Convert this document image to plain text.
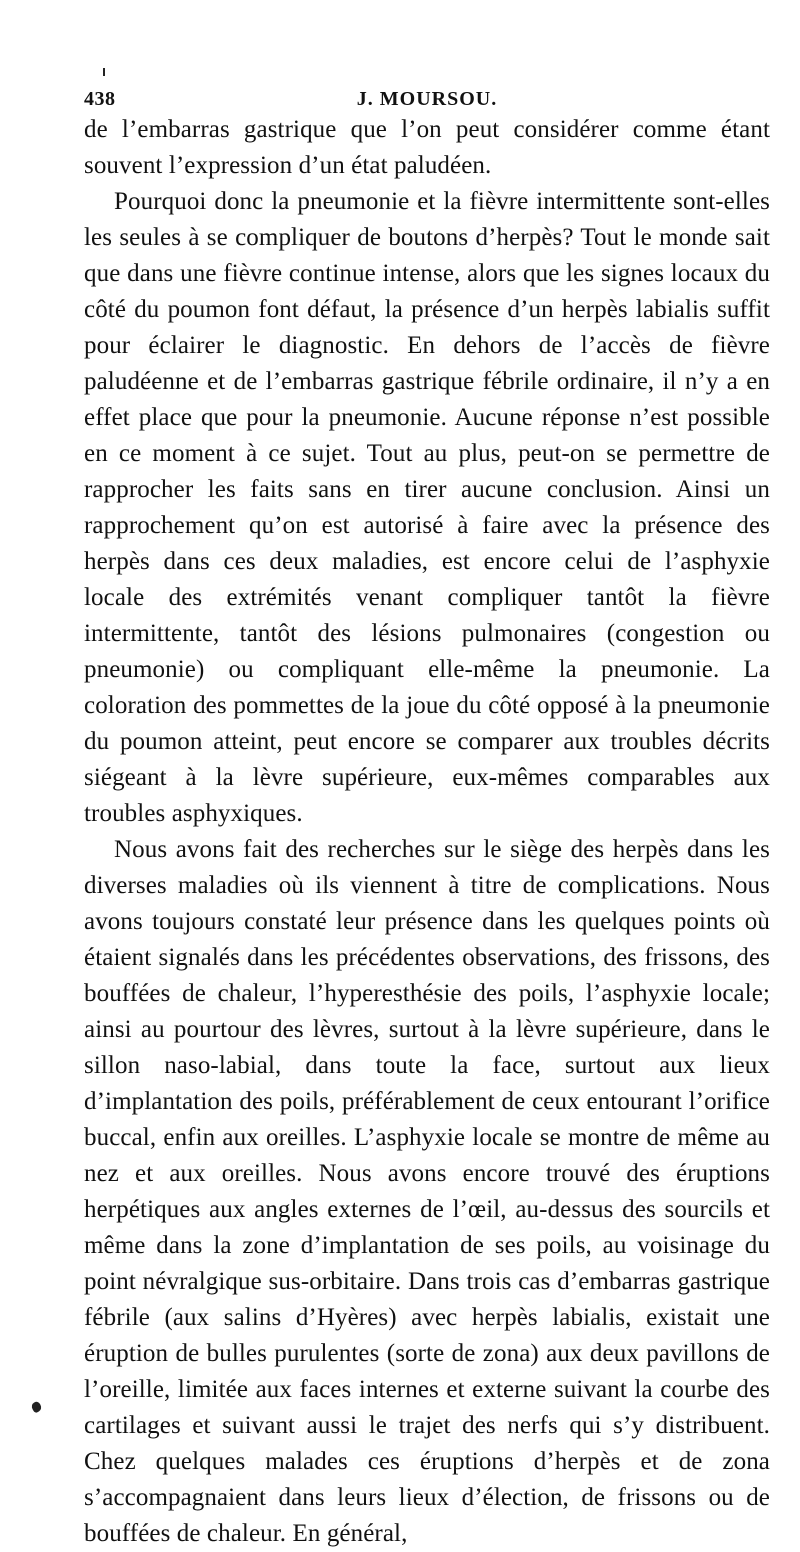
438	J. MOURSOU.

de l’embarras gastrique que l’on peut considérer comme étant souvent l’expression d’un état paludéen.

Pourquoi donc la pneumonie et la fièvre intermittente sont-elles les seules à se compliquer de boutons d’herpès? Tout le monde sait que dans une fièvre continue intense, alors que les signes locaux du côté du poumon font défaut, la présence d’un herpès labialis suffit pour éclairer le diagnostic. En dehors de l’accès de fièvre paludéenne et de l’embarras gastrique fébrile ordinaire, il n’y a en effet place que pour la pneumonie. Aucune réponse n’est possible en ce moment à ce sujet. Tout au plus, peut-on se permettre de rapprocher les faits sans en tirer aucune conclusion. Ainsi un rapprochement qu’on est autorisé à faire avec la présence des herpès dans ces deux maladies, est encore celui de l’asphyxie locale des extrémités venant compliquer tantôt la fièvre intermittente, tantôt des lésions pulmonaires (congestion ou pneumonie) ou compliquant elle-même la pneumonie. La coloration des pommettes de la joue du côté opposé à la pneumonie du poumon atteint, peut encore se comparer aux troubles décrits siégeant à la lèvre supérieure, eux-mêmes comparables aux troubles asphyxiques.

Nous avons fait des recherches sur le siège des herpès dans les diverses maladies où ils viennent à titre de complications. Nous avons toujours constaté leur présence dans les quelques points où étaient signalés dans les précédentes observations, des frissons, des bouffées de chaleur, l’hyperesthésie des poils, l’asphyxie locale; ainsi au pourtour des lèvres, surtout à la lèvre supérieure, dans le sillon naso-labial, dans toute la face, surtout aux lieux d’implantation des poils, préférablement de ceux entourant l’orifice buccal, enfin aux oreilles. L’asphyxie locale se montre de même au nez et aux oreilles. Nous avons encore trouvé des éruptions herpétiques aux angles externes de l’œil, au-dessus des sourcils et même dans la zone d’implantation de ses poils, au voisinage du point névralgique sus-orbitaire. Dans trois cas d’embarras gastrique fébrile (aux salins d’Hyères) avec herpès labialis, existait une éruption de bulles purulentes (sorte de zona) aux deux pavillons de l’oreille, limitée aux faces internes et externe suivant la courbe des cartilages et suivant aussi le trajet des nerfs qui s’y distribuent. Chez quelques malades ces éruptions d’herpès et de zona s’accompagnaient dans leurs lieux d’élection, de frissons ou de bouffées de chaleur. En général,
